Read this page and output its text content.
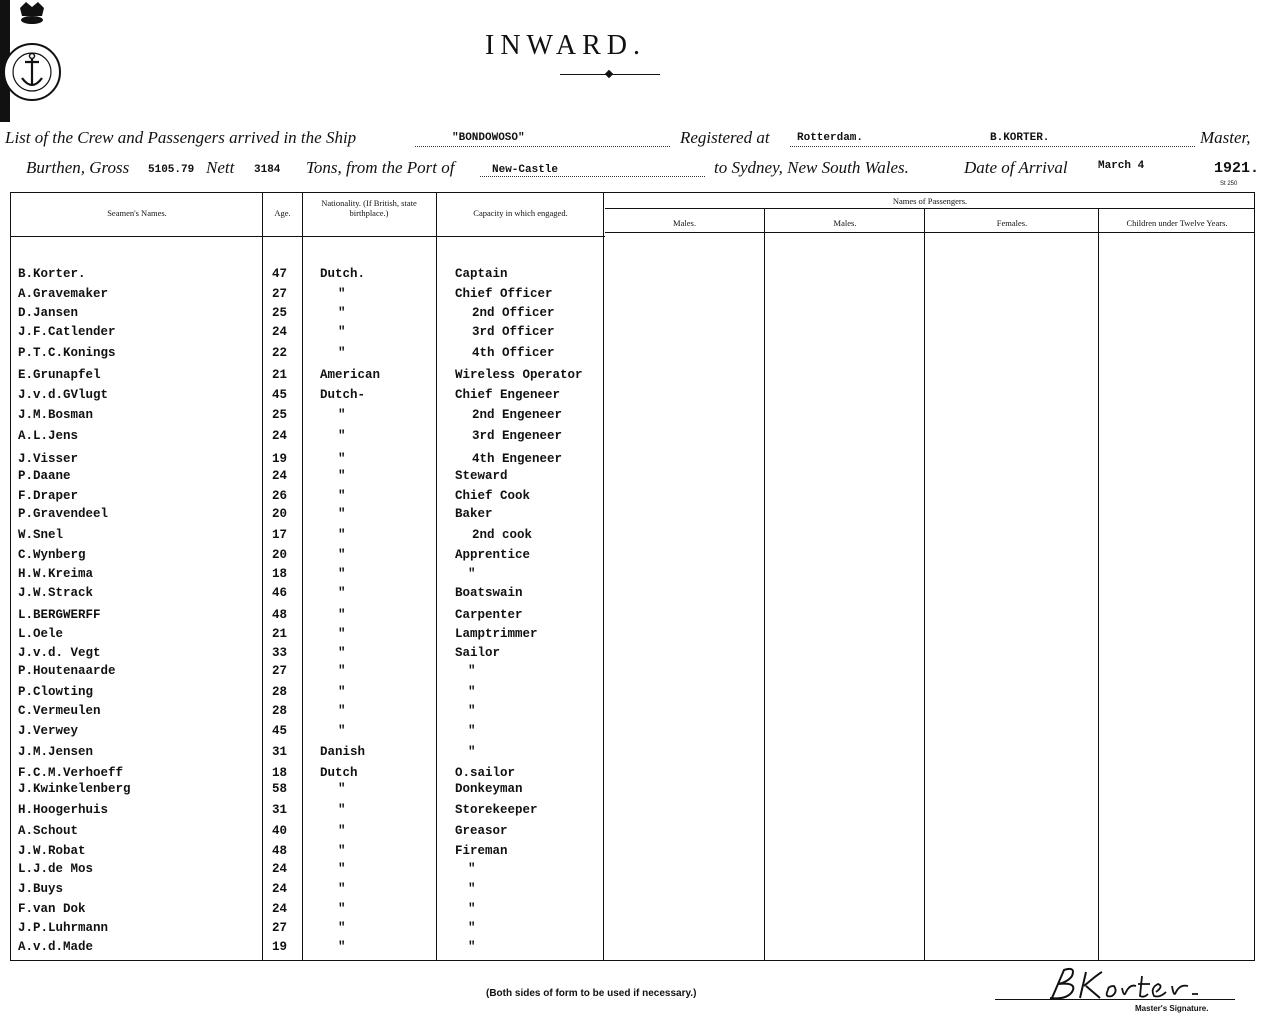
INWARD.
List of the Crew and Passengers arrived in the Ship	"BONDOWOSO"	Registered at Rotterdam.	B.KORTER.	Master,
Burthen, Gross 5105.79 Nett 3184 Tons, from the Port of	New-Castle	to Sydney, New South Wales.	Date of Arrival	March 4	1921.
St 250
Seamen's Names.	Age.
Nationality. (If British, state birthplace.)	Capacity in which engaged.
Names of Passengers.
Males.	Males.	Females.	Children under Twelve Years.
B.Korter.	47	Dutch.	Captain
A.Gravemaker	27	"	Chief Officer
D.Jansen	25	"	2nd Officer
J.F.Catlender	24	"	3rd Officer
P.T.C.Konings	22	"	4th Officer
E.Grunapfel	21	American	Wireless Operator
J.v.d.GVlugt	45	Dutch-	Chief Engeneer
J.M.Bosman	25	"	2nd Engeneer
A.L.Jens	24	"	3rd Engeneer
J.Visser	19	"	4th Engeneer
P.Daane	24	"	Steward
F.Draper	26	"	Chief Cook
P.Gravendeel	20	"	Baker
W.Snel	17	"	2nd cook
C.Wynberg	20	"	Apprentice
H.W.Kreima	18	"	"
J.W.Strack	46	"	Boatswain
L.BERGWERFF	48	"	Carpenter
L.Oele	21	"	Lamptrimmer
J.v.d. Vegt	33	"	Sailor
P.Houtenaarde	27	"	"
P.Clowting	28	"	"
C.Vermeulen	28	"	"
J.Verwey	45	"	"
J.M.Jensen	31	Danish	"
F.C.M.Verhoeff	18	Dutch	O.sailor
J.Kwinkelenberg	58	"	Donkeyman
H.Hoogerhuis	31	"	Storekeeper
A.Schout	40	"	Greasor
J.W.Robat	48	"	Fireman
L.J.de Mos	24	"	"
J.Buys	24	"	"
F.van Dok	24	"	"
J.P.Luhrmann	27	"	"
A.v.d.Made	19	"	"
(Both sides of form to be used if necessary.)
Master's Signature.
